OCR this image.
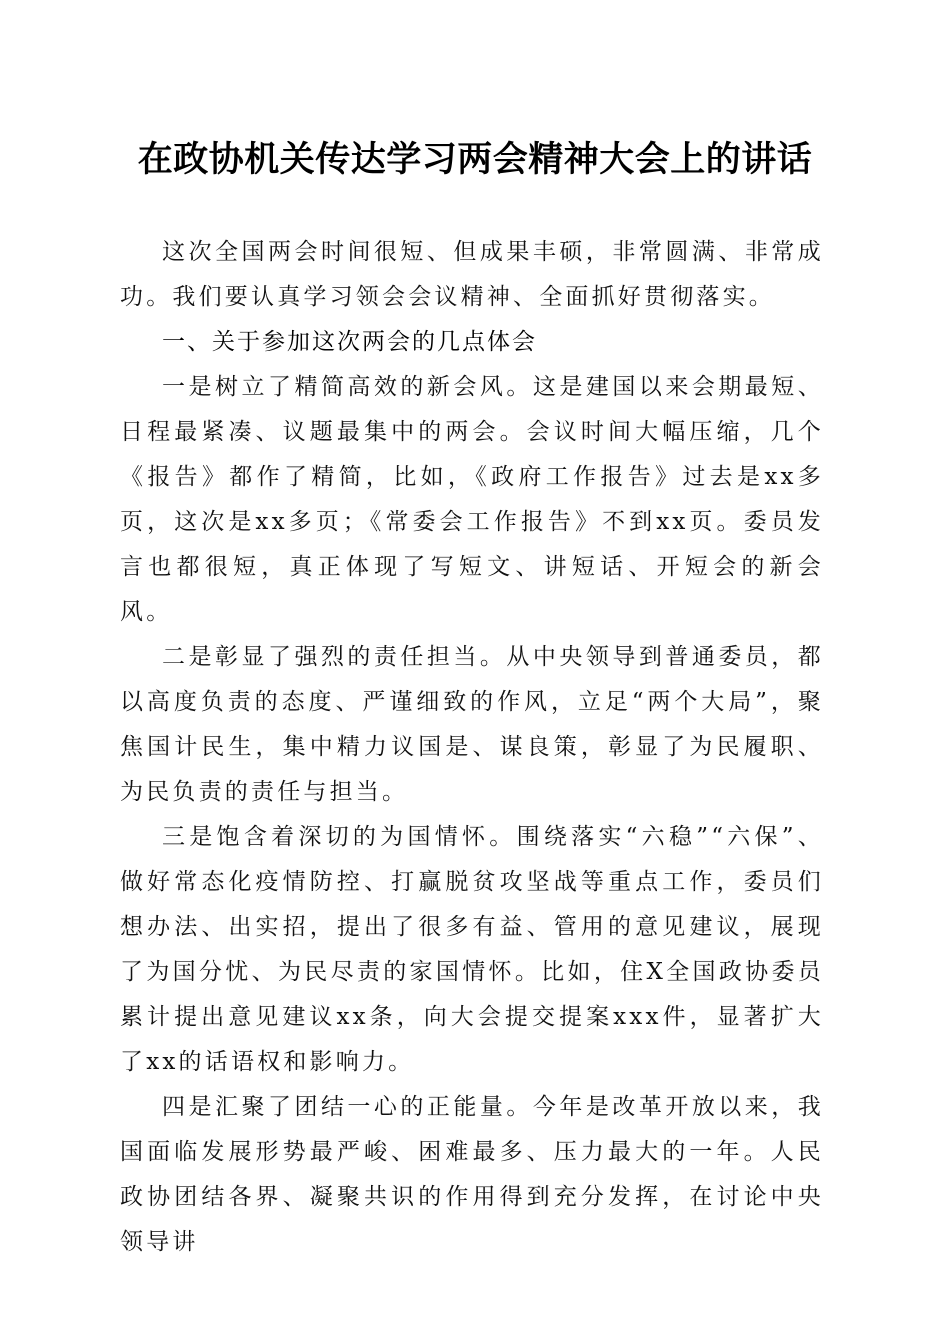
在政协机关传达学习两会精神大会上的讲话

这次全国两会时间很短、但成果丰硕，非常圆满、非常成功。我们要认真学习领会会议精神、全面抓好贯彻落实。

一、关于参加这次两会的几点体会

一是树立了精简高效的新会风。这是建国以来会期最短、日程最紧凑、议题最集中的两会。会议时间大幅压缩，几个《报告》都作了精简，比如，《政府工作报告》过去是xx多页，这次是xx多页；《常委会工作报告》不到xx页。委员发言也都很短，真正体现了写短文、讲短话、开短会的新会风。

二是彰显了强烈的责任担当。从中央领导到普通委员，都以高度负责的态度、严谨细致的作风，立足“两个大局”，聚焦国计民生，集中精力议国是、谋良策，彰显了为民履职、为民负责的责任与担当。

三是饱含着深切的为国情怀。围绕落实“六稳”“六保”、做好常态化疫情防控、打赢脱贫攻坚战等重点工作，委员们想办法、出实招，提出了很多有益、管用的意见建议，展现了为国分忧、为民尽责的家国情怀。比如，住X全国政协委员累计提出意见建议xx条，向大会提交提案xxx件，显著扩大了xx的话语权和影响力。

四是汇聚了团结一心的正能量。今年是改革开放以来，我国面临发展形势最严峻、困难最多、压力最大的一年。人民政协团结各界、凝聚共识的作用得到充分发挥，在讨论中央领导讲
